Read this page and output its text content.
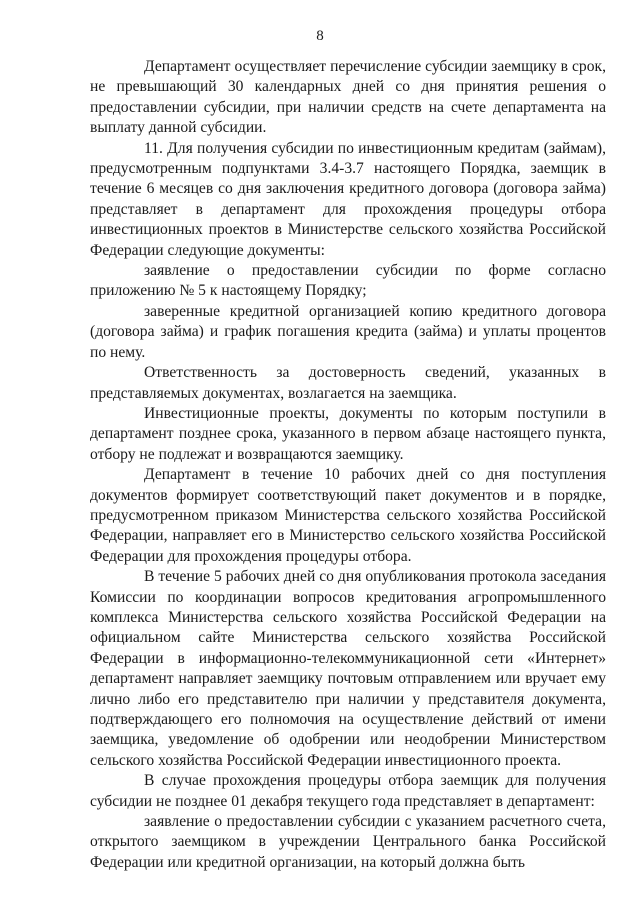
8

Департамент осуществляет перечисление субсидии заемщику в срок, не превышающий 30 календарных дней со дня принятия решения о предоставлении субсидии, при наличии средств на счете департамента на выплату данной субсидии.

11. Для получения субсидии по инвестиционным кредитам (займам), предусмотренным подпунктами 3.4-3.7 настоящего Порядка, заемщик в течение 6 месяцев со дня заключения кредитного договора (договора займа) представляет в департамент для прохождения процедуры отбора инвестиционных проектов в Министерстве сельского хозяйства Российской Федерации следующие документы:

заявление о предоставлении субсидии по форме согласно приложению № 5 к настоящему Порядку;

заверенные кредитной организацией копию кредитного договора (договора займа) и график погашения кредита (займа) и уплаты процентов по нему.

Ответственность за достоверность сведений, указанных в представляемых документах, возлагается на заемщика.

Инвестиционные проекты, документы по которым поступили в департамент позднее срока, указанного в первом абзаце настоящего пункта, отбору не подлежат и возвращаются заемщику.

Департамент в течение 10 рабочих дней со дня поступления документов формирует соответствующий пакет документов и в порядке, предусмотренном приказом Министерства сельского хозяйства Российской Федерации, направляет его в Министерство сельского хозяйства Российской Федерации для прохождения процедуры отбора.

В течение 5 рабочих дней со дня опубликования протокола заседания Комиссии по координации вопросов кредитования агропромышленного комплекса Министерства сельского хозяйства Российской Федерации на официальном сайте Министерства сельского хозяйства Российской Федерации в информационно-телекоммуникационной сети «Интернет» департамент направляет заемщику почтовым отправлением или вручает ему лично либо его представителю при наличии у представителя документа, подтверждающего его полномочия на осуществление действий от имени заемщика, уведомление об одобрении или неодобрении Министерством сельского хозяйства Российской Федерации инвестиционного проекта.

В случае прохождения процедуры отбора заемщик для получения субсидии не позднее 01 декабря текущего года представляет в департамент:

заявление о предоставлении субсидии с указанием расчетного счета, открытого заемщиком в учреждении Центрального банка Российской Федерации или кредитной организации, на который должна быть
